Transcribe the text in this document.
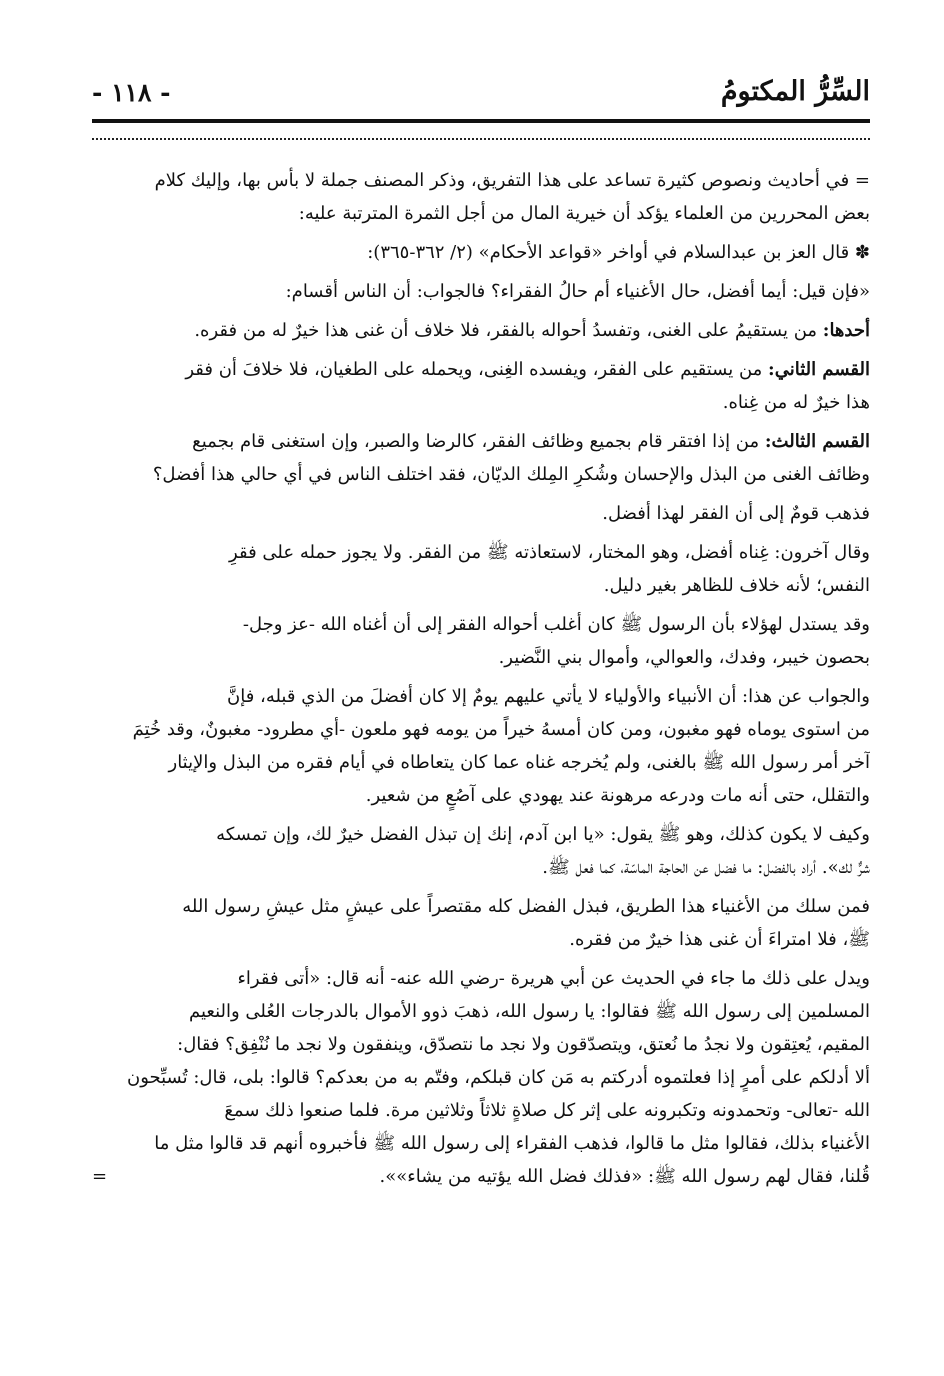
السِّرُّ المكتومُ
- ١١٨ -
= في أحاديث ونصوص كثيرة تساعد على هذا التفريق، وذكر المصنف جملة لا بأس بها، وإليك كلام
بعض المحررين من العلماء يؤكد أن خيرية المال من أجل الثمرة المترتبة عليه:
✽ قال العز بن عبدالسلام في أواخر «قواعد الأحكام» (٢/ ٣٦٢-٣٦٥):
«فإن قيل: أيما أفضل، حال الأغنياء أم حالُ الفقراء؟ فالجواب: أن الناس أقسام:
أحدها: من يستقيمُ على الغنى، وتفسدُ أحواله بالفقر، فلا خلاف أن غنى هذا خيرٌ له من فقره.
القسم الثاني: من يستقيم على الفقر، ويفسده الغِنى، ويحمله على الطغيان، فلا خلافَ أن فقر
هذا خيرٌ له من غِناه.
القسم الثالث: من إذا افتقر قام بجميع وظائف الفقر، كالرضا والصبر، وإن استغنى قام بجميع
وظائف الغنى من البذل والإحسان وشُكرِ المِلك الديّان، فقد اختلف الناس في أي حالي هذا أفضل؟
فذهب قومٌ إلى أن الفقر لهذا أفضل.
وقال آخرون: غِناه أفضل، وهو المختار، لاستعاذته ﷺ من الفقر. ولا يجوز حمله على فقرِ
النفس؛ لأنه خلاف للظاهر بغير دليل.
وقد يستدل لهؤلاء بأن الرسول ﷺ كان أغلب أحواله الفقر إلى أن أغناه الله -عز وجل-
بحصون خيبر، وفدك، والعوالي، وأموال بني النَّضير.
والجواب عن هذا: أن الأنبياء والأولياء لا يأتي عليهم يومٌ إلا كان أفضلَ من الذي قبله، فإنَّ
من استوى يوماه فهو مغبون، ومن كان أمسهُ خيراً من يومه فهو ملعون -أي مطرود- مغبونٌ، وقد خُتِمَ
آخر أمر رسول الله ﷺ بالغنى، ولم يُخرجه غناه عما كان يتعاطاه في أيام فقره من البذل والإيثار
والتقلل، حتى أنه مات ودرعه مرهونة عند يهودي على آصُعٍ من شعير.
وكيف لا يكون كذلك، وهو ﷺ يقول: «يا ابن آدم، إنك إن تبذل الفضل خيرٌ لك، وإن تمسكه
شرٌّ لك». أراد بالفضل: ما فضل عن الحاجة الماسّة، كما فعل ﷺ.
فمن سلك من الأغنياء هذا الطريق، فبذل الفضل كله مقتصراً على عيشٍ مثل عيشِ رسول الله
ﷺ، فلا امتراءَ أن غنى هذا خيرٌ من فقره.
ويدل على ذلك ما جاء في الحديث عن أبي هريرة -رضي الله عنه- أنه قال: «أتى فقراء
المسلمين إلى رسول الله ﷺ فقالوا: يا رسول الله، ذهبَ ذوو الأموال بالدرجات العُلى والنعيم
المقيم، يُعتِقون ولا نجدُ ما نُعتق، ويتصدّقون ولا نجد ما نتصدّق، وينفقون ولا نجد ما نُنْفِق؟ فقال:
ألا أدلكم على أمرٍ إذا فعلتموه أدركتم به مَن كان قبلكم، وفتّم به من بعدكم؟ قالوا: بلى، قال: تُسبِّحون
الله -تعالى- وتحمدونه وتكبرونه على إثر كل صلاةٍ ثلاثاً وثلاثين مرة. فلما صنعوا ذلك سمعَ
الأغنياء بذلك، فقالوا مثل ما قالوا، فذهب الفقراء إلى رسول الله ﷺ فأخبروه أنهم قد قالوا مثل ما
قُلنا، فقال لهم رسول الله ﷺ: «فذلك فضل الله يؤتيه من يشاء»».
=
